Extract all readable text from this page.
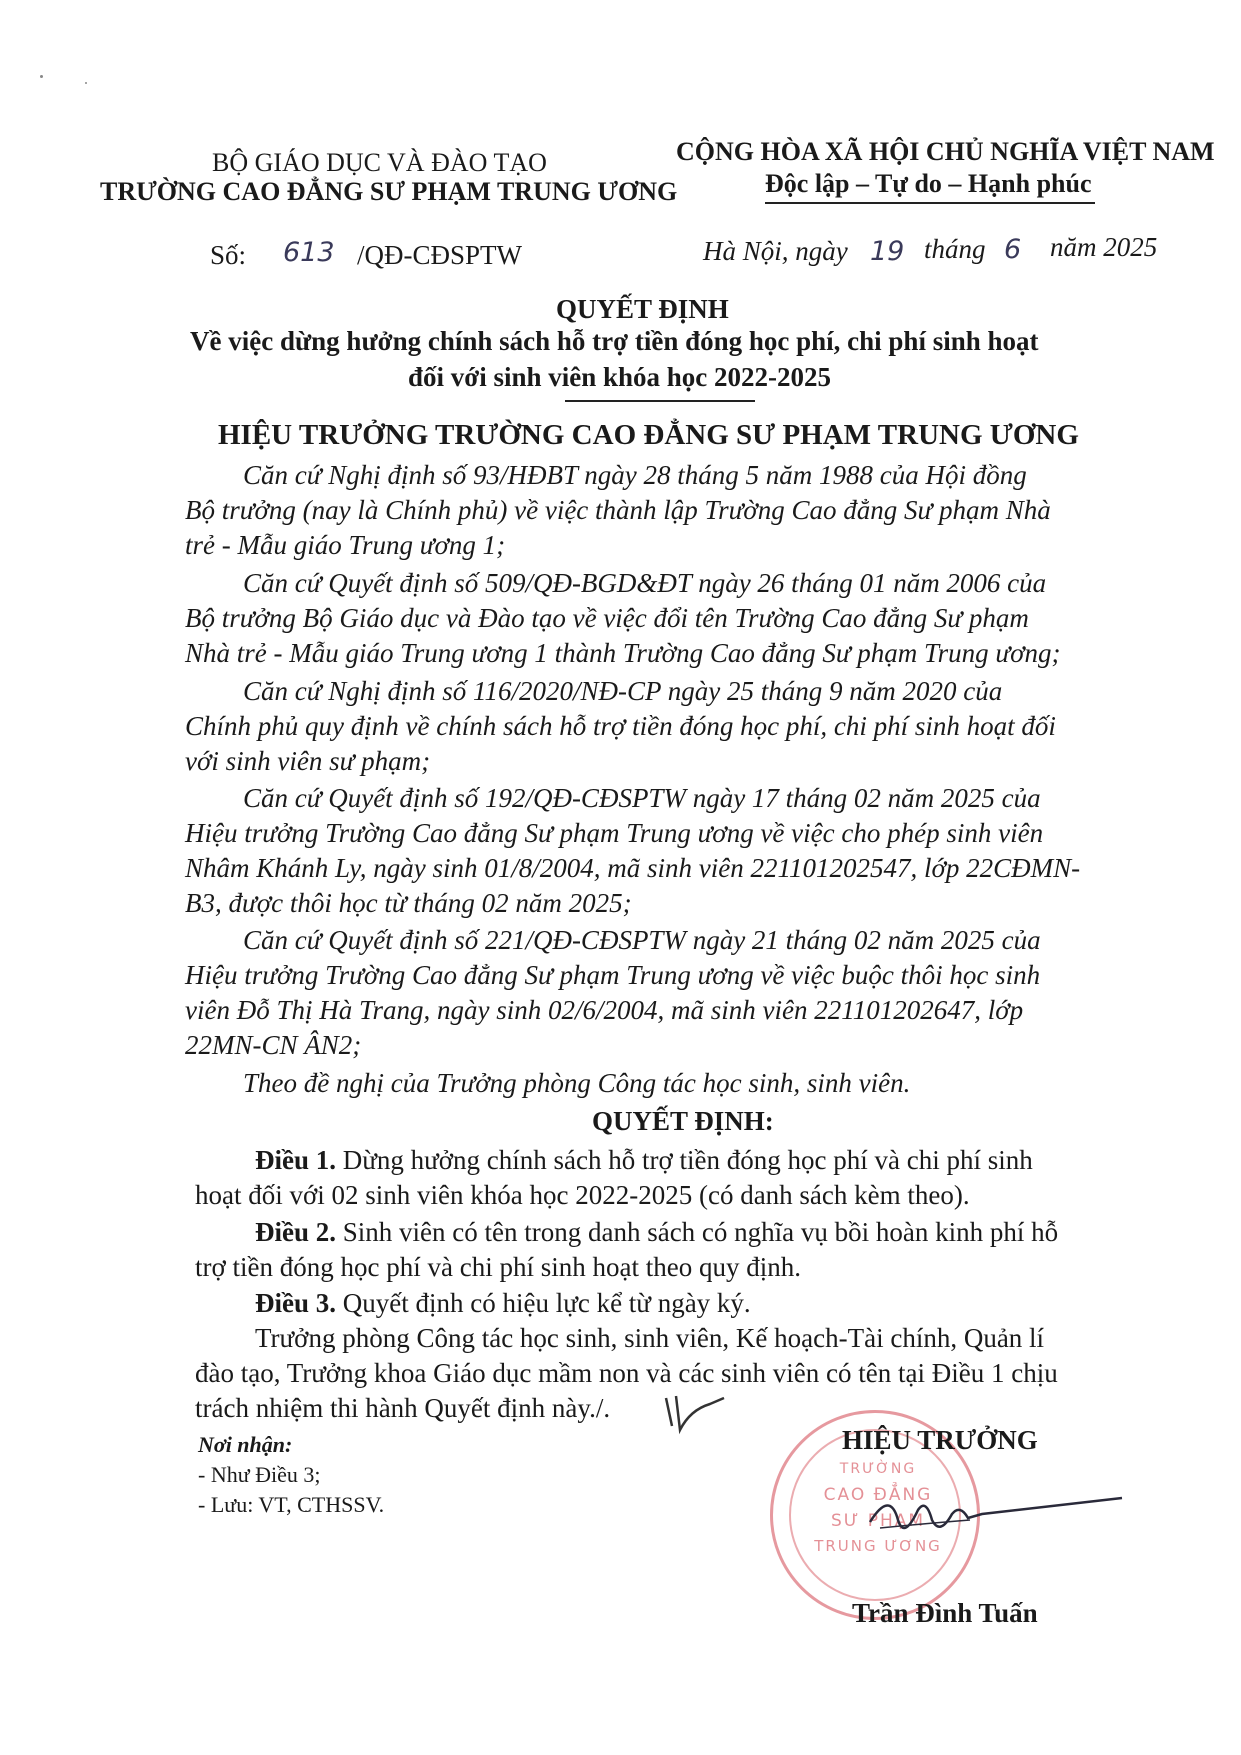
BỘ GIÁO DỤC VÀ ĐÀO TẠO
TRƯỜNG CAO ĐẲNG SƯ PHẠM TRUNG ƯƠNG
CỘNG HÒA XÃ HỘI CHỦ NGHĨA VIỆT NAM
Độc lập – Tự do – Hạnh phúc
Số: 613 /QĐ-CĐSPTW	Hà Nội, ngày 19 tháng 6 năm 2025
QUYẾT ĐỊNH
Về việc dừng hưởng chính sách hỗ trợ tiền đóng học phí, chi phí sinh hoạt
đối với sinh viên khóa học 2022-2025
HIỆU TRƯỞNG TRƯỜNG CAO ĐẲNG SƯ PHẠM TRUNG ƯƠNG
Căn cứ Nghị định số 93/HĐBT ngày 28 tháng 5 năm 1988 của Hội đồng
Bộ trưởng (nay là Chính phủ) về việc thành lập Trường Cao đẳng Sư phạm Nhà
trẻ - Mẫu giáo Trung ương 1;
Căn cứ Quyết định số 509/QĐ-BGD&ĐT ngày 26 tháng 01 năm 2006 của
Bộ trưởng Bộ Giáo dục và Đào tạo về việc đổi tên Trường Cao đẳng Sư phạm
Nhà trẻ - Mẫu giáo Trung ương 1 thành Trường Cao đẳng Sư phạm Trung ương;
Căn cứ Nghị định số 116/2020/NĐ-CP ngày 25 tháng 9 năm 2020 của
Chính phủ quy định về chính sách hỗ trợ tiền đóng học phí, chi phí sinh hoạt đối
với sinh viên sư phạm;
Căn cứ Quyết định số 192/QĐ-CĐSPTW ngày 17 tháng 02 năm 2025 của
Hiệu trưởng Trường Cao đẳng Sư phạm Trung ương về việc cho phép sinh viên
Nhâm Khánh Ly, ngày sinh 01/8/2004, mã sinh viên 221101202547, lớp 22CĐMN-
B3, được thôi học từ tháng 02 năm 2025;
Căn cứ Quyết định số 221/QĐ-CĐSPTW ngày 21 tháng 02 năm 2025 của
Hiệu trưởng Trường Cao đẳng Sư phạm Trung ương về việc buộc thôi học sinh
viên Đỗ Thị Hà Trang, ngày sinh 02/6/2004, mã sinh viên 221101202647, lớp
22MN-CN ÂN2;
Theo đề nghị của Trưởng phòng Công tác học sinh, sinh viên.
QUYẾT ĐỊNH:
Điều 1. Dừng hưởng chính sách hỗ trợ tiền đóng học phí và chi phí sinh
hoạt đối với 02 sinh viên khóa học 2022-2025 (có danh sách kèm theo).
Điều 2. Sinh viên có tên trong danh sách có nghĩa vụ bồi hoàn kinh phí hỗ
trợ tiền đóng học phí và chi phí sinh hoạt theo quy định.
Điều 3. Quyết định có hiệu lực kể từ ngày ký.
Trưởng phòng Công tác học sinh, sinh viên, Kế hoạch-Tài chính, Quản lí
đào tạo, Trưởng khoa Giáo dục mầm non và các sinh viên có tên tại Điều 1 chịu
trách nhiệm thi hành Quyết định này./.
Nơi nhận:
- Như Điều 3;
- Lưu: VT, CTHSSV.
TRƯỜNG
CAO ĐẲNG
SƯ PHẠM
TRUNG ƯƠNG
HIỆU TRƯỞNG
Trần Đình Tuấn
